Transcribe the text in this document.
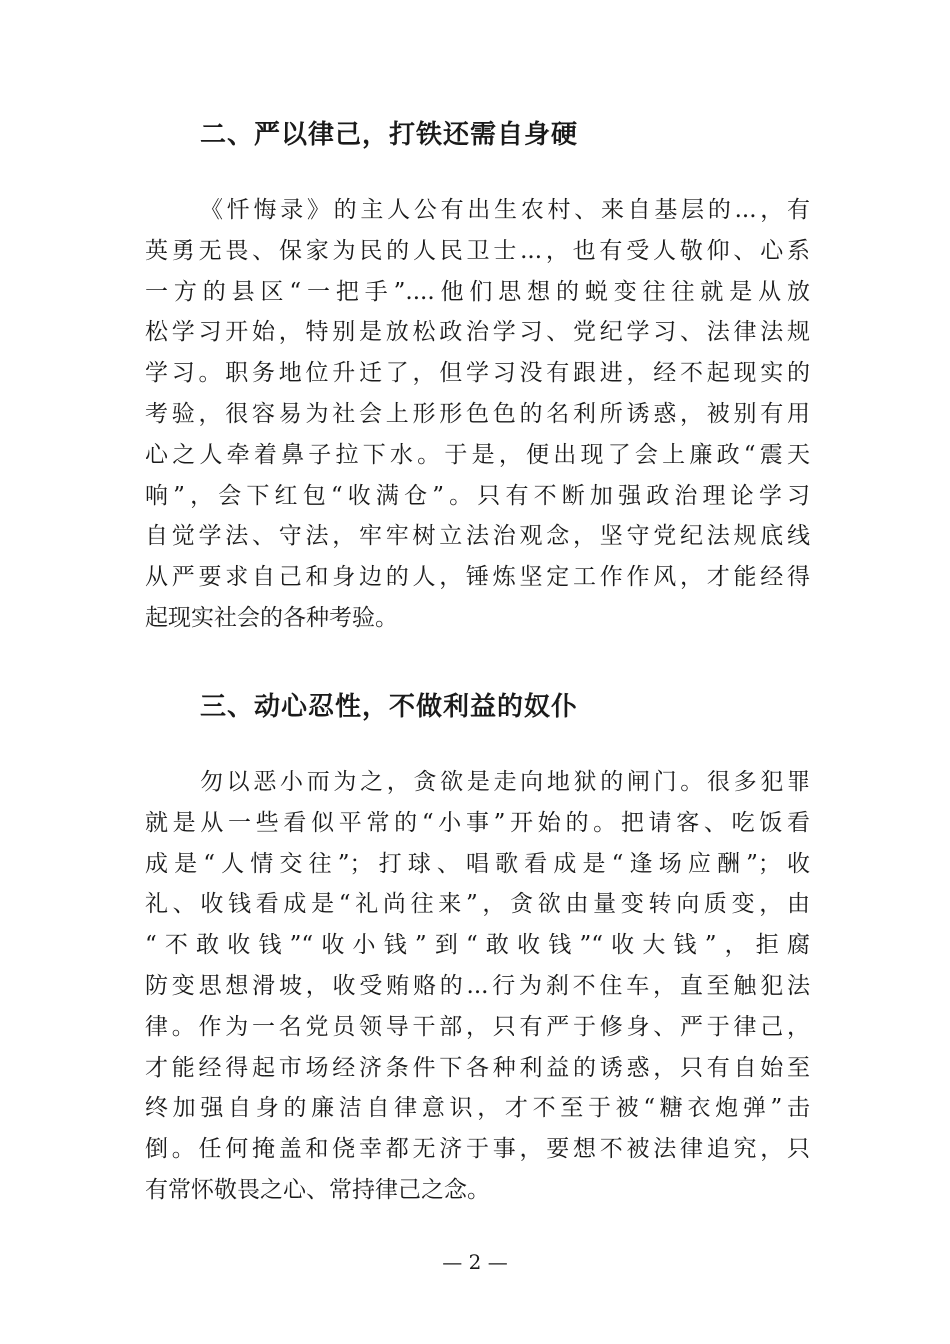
二、严以律己，打铁还需自身硬
《忏悔录》的主人公有出生农村、来自基层的...，有
英勇无畏、保家为民的人民卫士...，也有受人敬仰、心系
一方的县区“一把手”....他们思想的蜕变往往就是从放
松学习开始，特别是放松政治学习、党纪学习、法律法规
学习。职务地位升迁了，但学习没有跟进，经不起现实的
考验，很容易为社会上形形色色的名利所诱惑，被别有用
心之人牵着鼻子拉下水。于是，便出现了会上廉政“震天
响”，会下红包“收满仓”。只有不断加强政治理论学习
自觉学法、守法，牢牢树立法治观念，坚守党纪法规底线
从严要求自己和身边的人，锤炼坚定工作作风，才能经得
起现实社会的各种考验。
三、动心忍性，不做利益的奴仆
勿以恶小而为之，贪欲是走向地狱的闸门。很多犯罪
就是从一些看似平常的“小事”开始的。把请客、吃饭看
成是“人情交往”；打球、唱歌看成是“逢场应酬”；收
礼、收钱看成是“礼尚往来”，贪欲由量变转向质变，由
“不敢收钱”“收小钱”到“敢收钱”“收大钱”，拒腐
防变思想滑坡，收受贿赂的...行为刹不住车，直至触犯法
律。作为一名党员领导干部，只有严于修身、严于律己，
才能经得起市场经济条件下各种利益的诱惑，只有自始至
终加强自身的廉洁自律意识，才不至于被“糖衣炮弹”击
倒。任何掩盖和侥幸都无济于事，要想不被法律追究，只
有常怀敬畏之心、常持律己之念。
— 2 —
